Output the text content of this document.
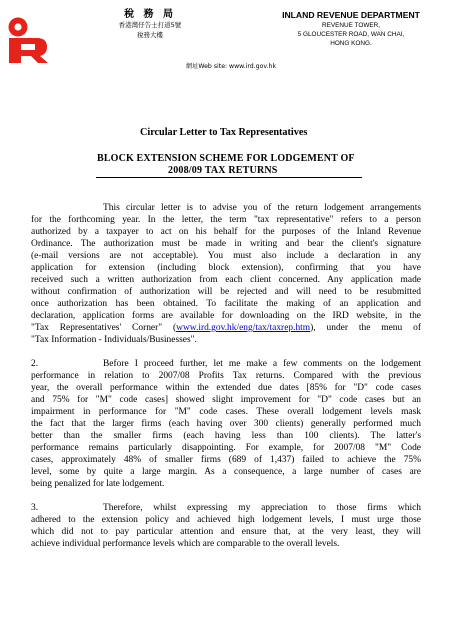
稅 務 局
香港灣仔告士打道5號
稅務大樓
網址Web site: www.ird.gov.hk
INLAND REVENUE DEPARTMENT
REVENUE TOWER,
5 GLOUCESTER ROAD, WAN CHAI,
HONG KONG.
Circular Letter to Tax Representatives
BLOCK EXTENSION SCHEME FOR LODGEMENT OF
2008/09 TAX RETURNS
This circular letter is to advise you of the return lodgement arrangements
for the forthcoming year. In the letter, the term "tax representative" refers to a person
authorized by a taxpayer to act on his behalf for the purposes of the Inland Revenue
Ordinance. The authorization must be made in writing and bear the client's signature
(e-mail versions are not acceptable). You must also include a declaration in any
application for extension (including block extension), confirming that you have
received such a written authorization from each client concerned. Any application made
without confirmation of authorization will be rejected and will need to be resubmitted
once authorization has been obtained. To facilitate the making of an application and
declaration, application forms are available for downloading on the IRD website, in the
"Tax Representatives' Corner" (www.ird.gov.hk/eng/tax/taxrep.htm), under the menu of
"Tax Information - Individuals/Businesses".
2.	Before I proceed further, let me make a few comments on the lodgement
performance in relation to 2007/08 Profits Tax returns. Compared with the previous
year, the overall performance within the extended due dates [85% for "D" code cases
and 75% for "M" code cases] showed slight improvement for "D" code cases but an
impairment in performance for "M" code cases. These overall lodgement levels mask
the fact that the larger firms (each having over 300 clients) generally performed much
better than the smaller firms (each having less than 100 clients). The latter's
performance remains particularly disappointing. For example, for 2007/08 "M" Code
cases, approximately 48% of smaller firms (689 of 1,437) failed to achieve the 75%
level, some by quite a large margin. As a consequence, a large number of cases are
being penalized for late lodgement.
3.	Therefore, whilst expressing my appreciation to those firms which
adhered to the extension policy and achieved high lodgement levels, I must urge those
which did not to pay particular attention and ensure that, at the very least, they will
achieve individual performance levels which are comparable to the overall levels.
